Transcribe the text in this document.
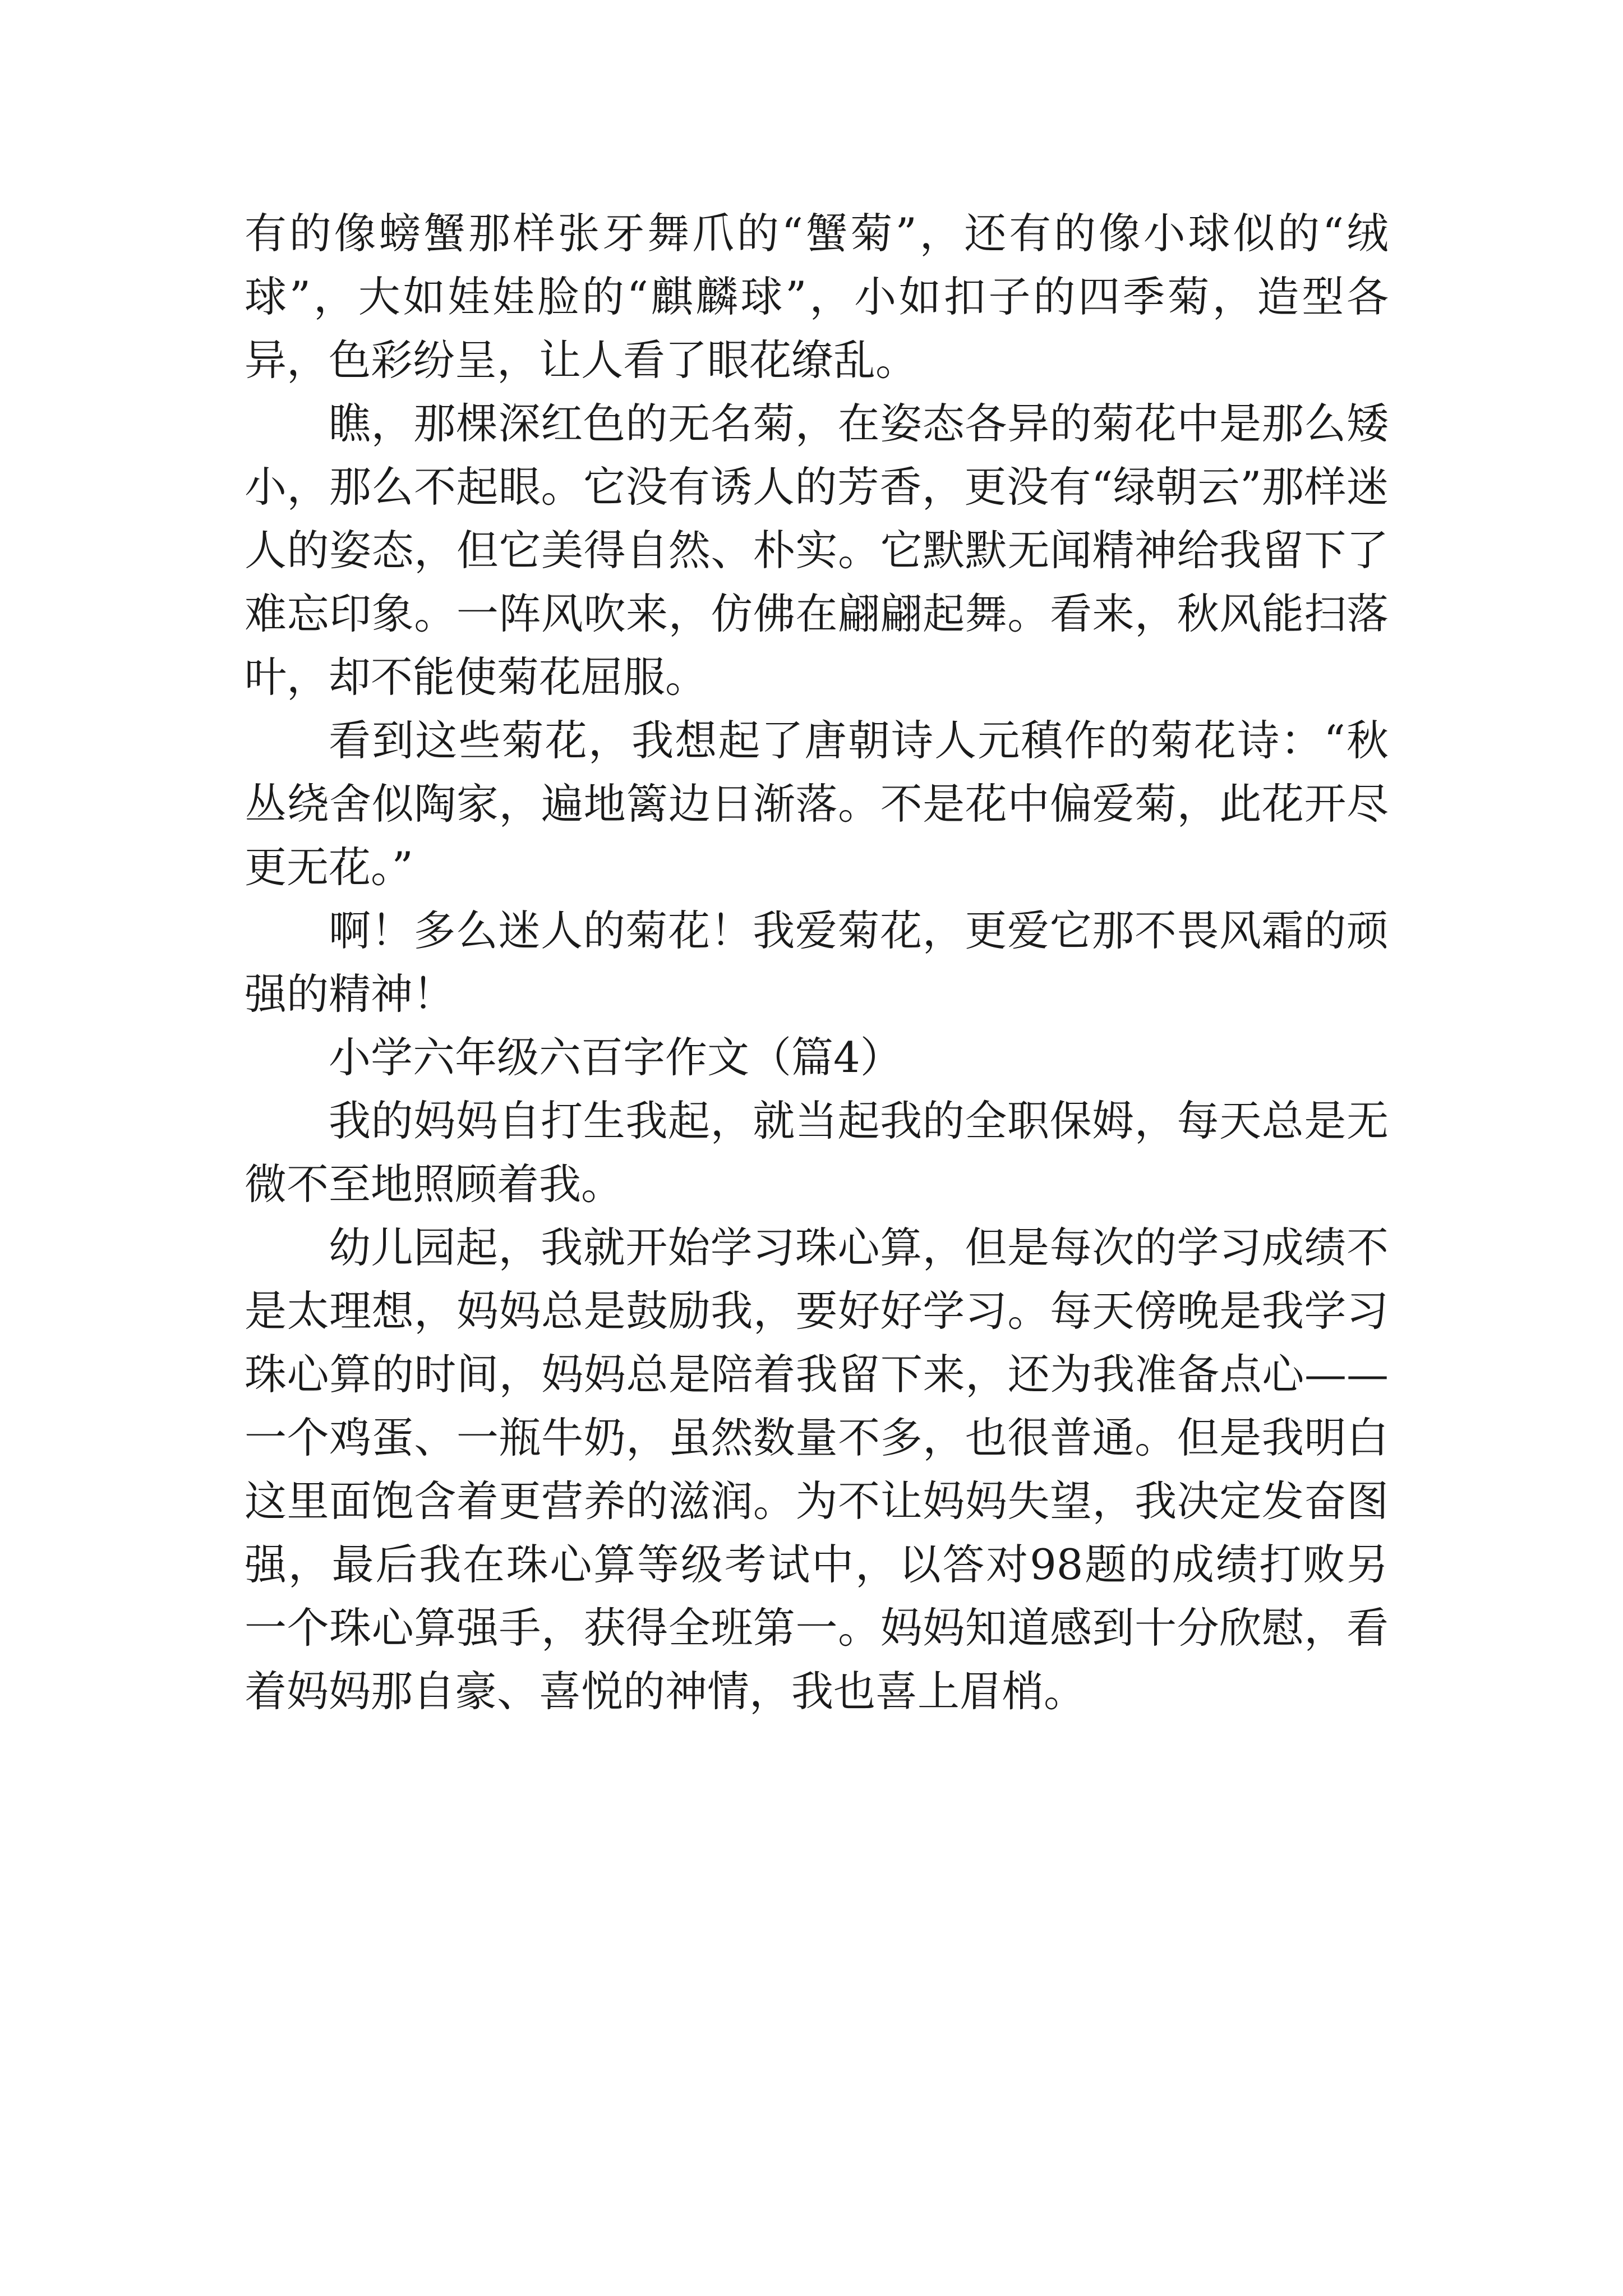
有的像螃蟹那样张牙舞爪的“蟹菊”，还有的像小球似的“绒球”，大如娃娃脸的“麒麟球”，小如扣子的四季菊，造型各异，色彩纷呈，让人看了眼花缭乱。

瞧，那棵深红色的无名菊，在姿态各异的菊花中是那么矮小，那么不起眼。它没有诱人的芳香，更没有“绿朝云”那样迷人的姿态，但它美得自然、朴实。它默默无闻精神给我留下了难忘印象。一阵风吹来，仿佛在翩翩起舞。看来，秋风能扫落叶，却不能使菊花屈服。

看到这些菊花，我想起了唐朝诗人元稹作的菊花诗：“秋丛绕舍似陶家，遍地篱边日渐落。不是花中偏爱菊，此花开尽更无花。”

啊！多么迷人的菊花！我爱菊花，更爱它那不畏风霜的顽强的精神！

小学六年级六百字作文（篇4）

我的妈妈自打生我起，就当起我的全职保姆，每天总是无微不至地照顾着我。

幼儿园起，我就开始学习珠心算，但是每次的学习成绩不是太理想，妈妈总是鼓励我，要好好学习。每天傍晚是我学习珠心算的时间，妈妈总是陪着我留下来，还为我准备点心——一个鸡蛋、一瓶牛奶，虽然数量不多，也很普通。但是我明白这里面饱含着更营养的滋润。为不让妈妈失望，我决定发奋图强，最后我在珠心算等级考试中，以答对98题的成绩打败另一个珠心算强手，获得全班第一。妈妈知道感到十分欣慰，看着妈妈那自豪、喜悦的神情，我也喜上眉梢。
